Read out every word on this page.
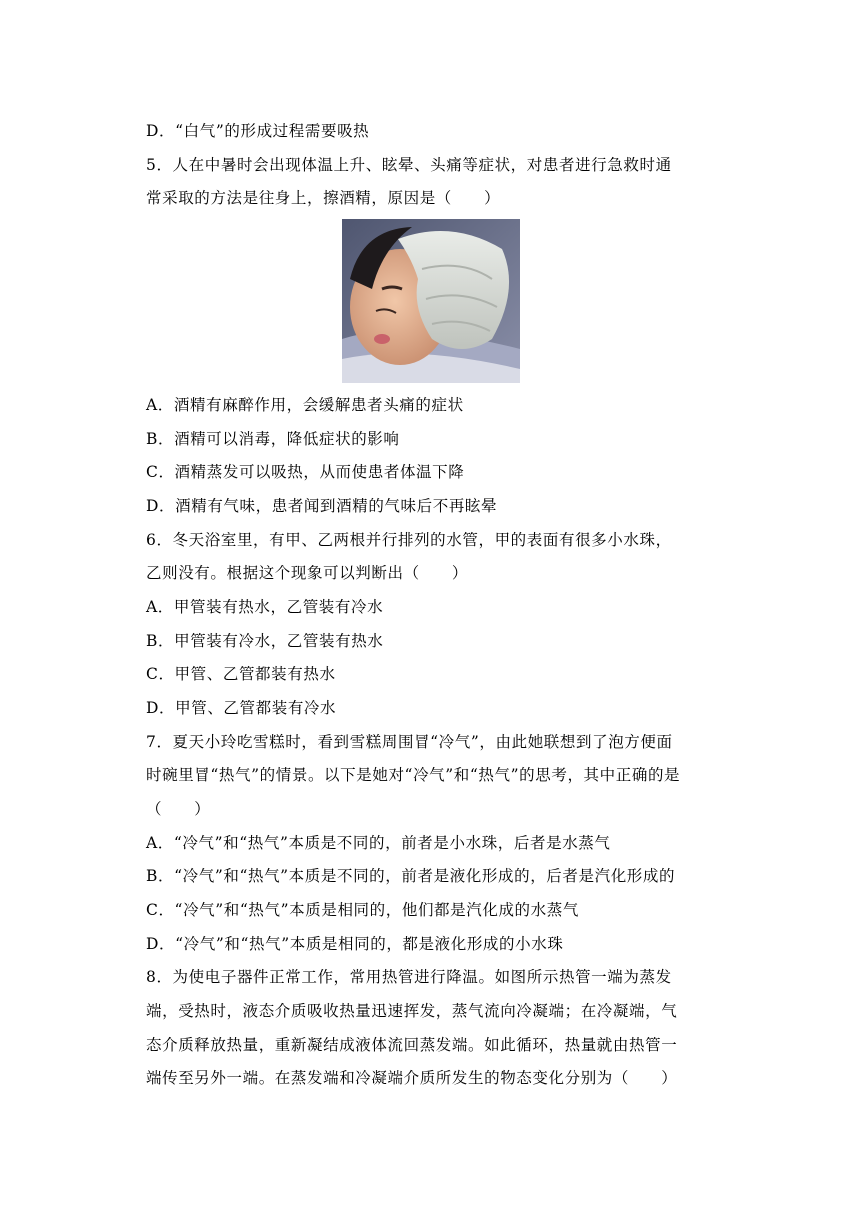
D．“白气”的形成过程需要吸热
5．人在中暑时会出现体温上升、眩晕、头痛等症状，对患者进行急救时通
常采取的方法是往身上，擦酒精，原因是（　　）
A．酒精有麻醉作用，会缓解患者头痛的症状
B．酒精可以消毒，降低症状的影响
C．酒精蒸发可以吸热，从而使患者体温下降
D．酒精有气味，患者闻到酒精的气味后不再眩晕
6．冬天浴室里，有甲、乙两根并行排列的水管，甲的表面有很多小水珠，
乙则没有。根据这个现象可以判断出（　　）
A．甲管装有热水，乙管装有冷水
B．甲管装有冷水，乙管装有热水
C．甲管、乙管都装有热水
D．甲管、乙管都装有冷水
7．夏天小玲吃雪糕时，看到雪糕周围冒“冷气”，由此她联想到了泡方便面
时碗里冒“热气”的情景。以下是她对“冷气”和“热气”的思考，其中正确的是
（　　）
A．“冷气”和“热气”本质是不同的，前者是小水珠，后者是水蒸气
B．“冷气”和“热气”本质是不同的，前者是液化形成的，后者是汽化形成的
C．“冷气”和“热气”本质是相同的，他们都是汽化成的水蒸气
D．“冷气”和“热气”本质是相同的，都是液化形成的小水珠
8．为使电子器件正常工作，常用热管进行降温。如图所示热管一端为蒸发
端，受热时，液态介质吸收热量迅速挥发，蒸气流向冷凝端；在冷凝端，气
态介质释放热量，重新凝结成液体流回蒸发端。如此循环，热量就由热管一
端传至另外一端。在蒸发端和冷凝端介质所发生的物态变化分别为（　　）
